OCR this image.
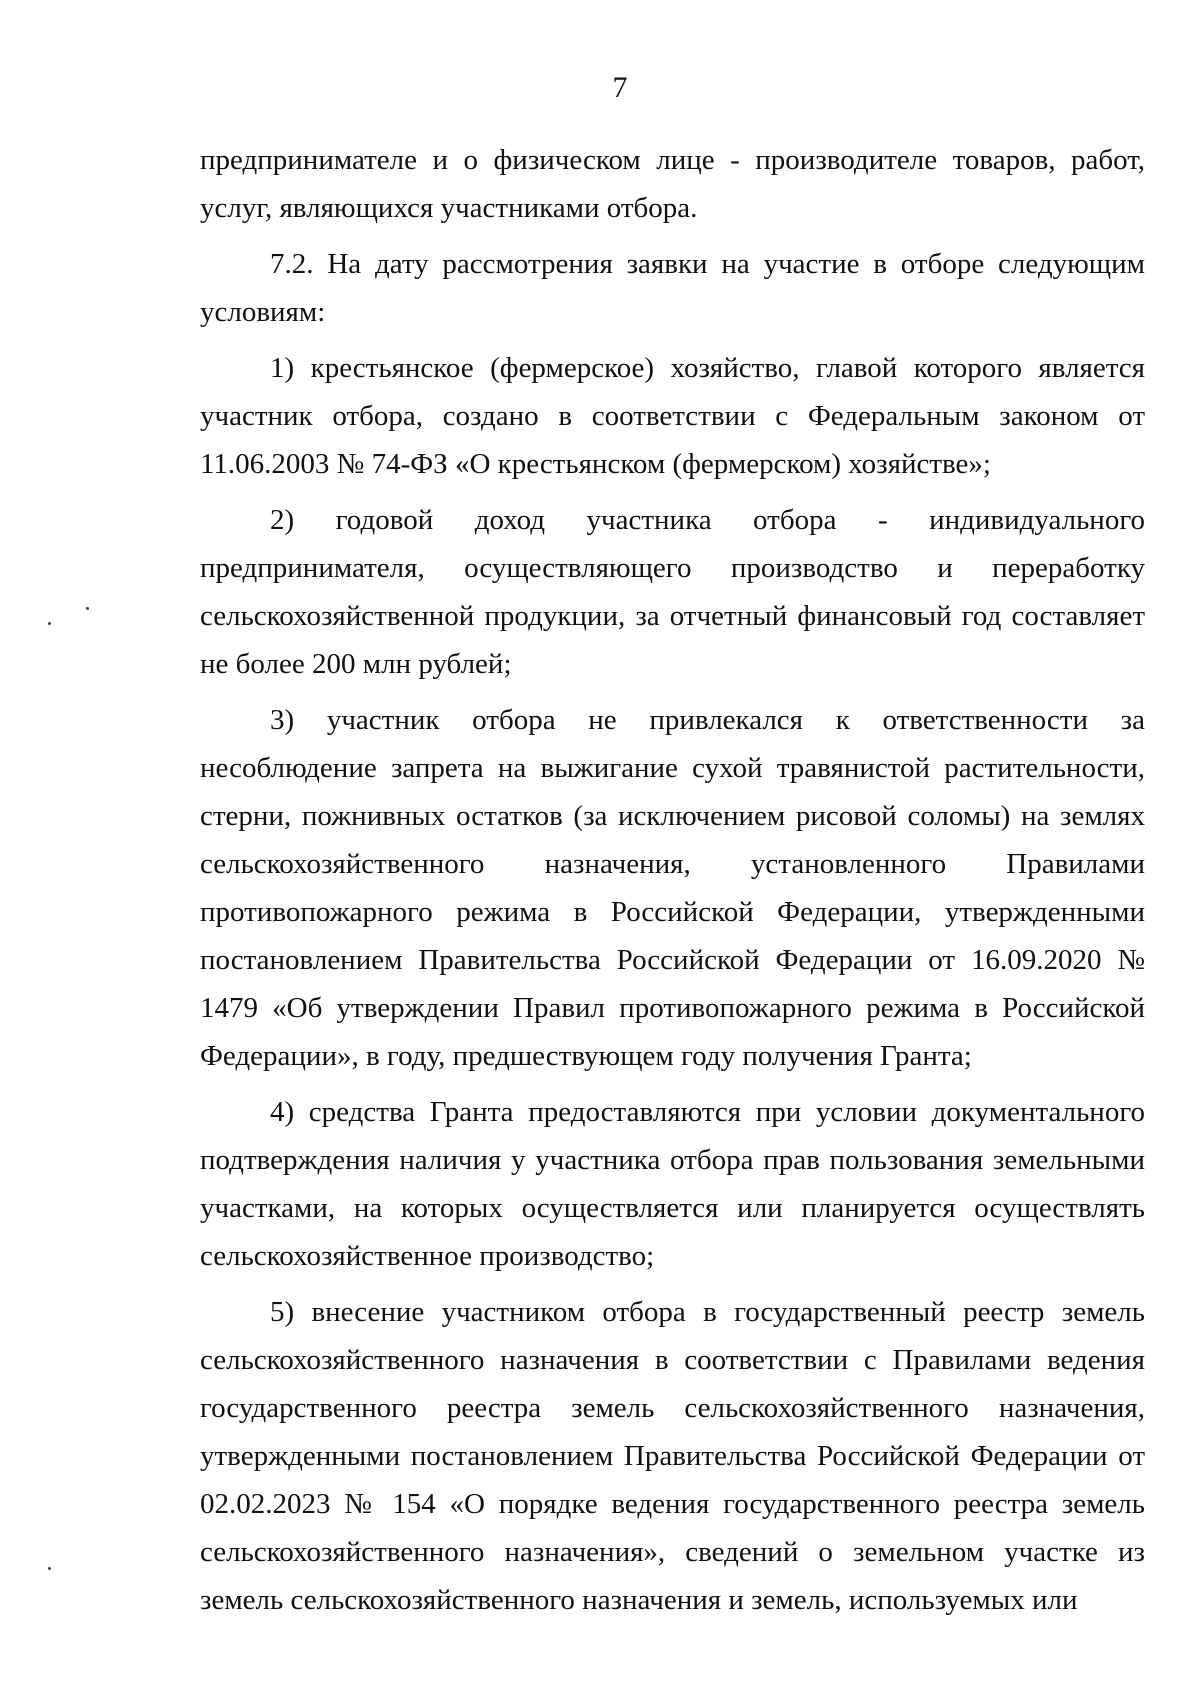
7

предпринимателе и о физическом лице - производителе товаров, работ, услуг, являющихся участниками отбора.

7.2. На дату рассмотрения заявки на участие в отборе следующим условиям:

1) крестьянское (фермерское) хозяйство, главой которого является участник отбора, создано в соответствии с Федеральным законом от 11.06.2003 № 74-ФЗ «О крестьянском (фермерском) хозяйстве»;

2) годовой доход участника отбора - индивидуального предпринимателя, осуществляющего производство и переработку сельскохозяйственной продукции, за отчетный финансовый год составляет не более 200 млн рублей;

3) участник отбора не привлекался к ответственности за несоблюдение запрета на выжигание сухой травянистой растительности, стерни, пожнивных остатков (за исключением рисовой соломы) на землях сельскохозяйственного назначения, установленного Правилами противопожарного режима в Российской Федерации, утвержденными постановлением Правительства Российской Федерации от 16.09.2020 № 1479 «Об утверждении Правил противопожарного режима в Российской Федерации», в году, предшествующем году получения Гранта;

4) средства Гранта предоставляются при условии документального подтверждения наличия у участника отбора прав пользования земельными участками, на которых осуществляется или планируется осуществлять сельскохозяйственное производство;

5) внесение участником отбора в государственный реестр земель сельскохозяйственного назначения в соответствии с Правилами ведения государственного реестра земель сельскохозяйственного назначения, утвержденными постановлением Правительства Российской Федерации от 02.02.2023 № 154 «О порядке ведения государственного реестра земель сельскохозяйственного назначения», сведений о земельном участке из земель сельскохозяйственного назначения и земель, используемых или
